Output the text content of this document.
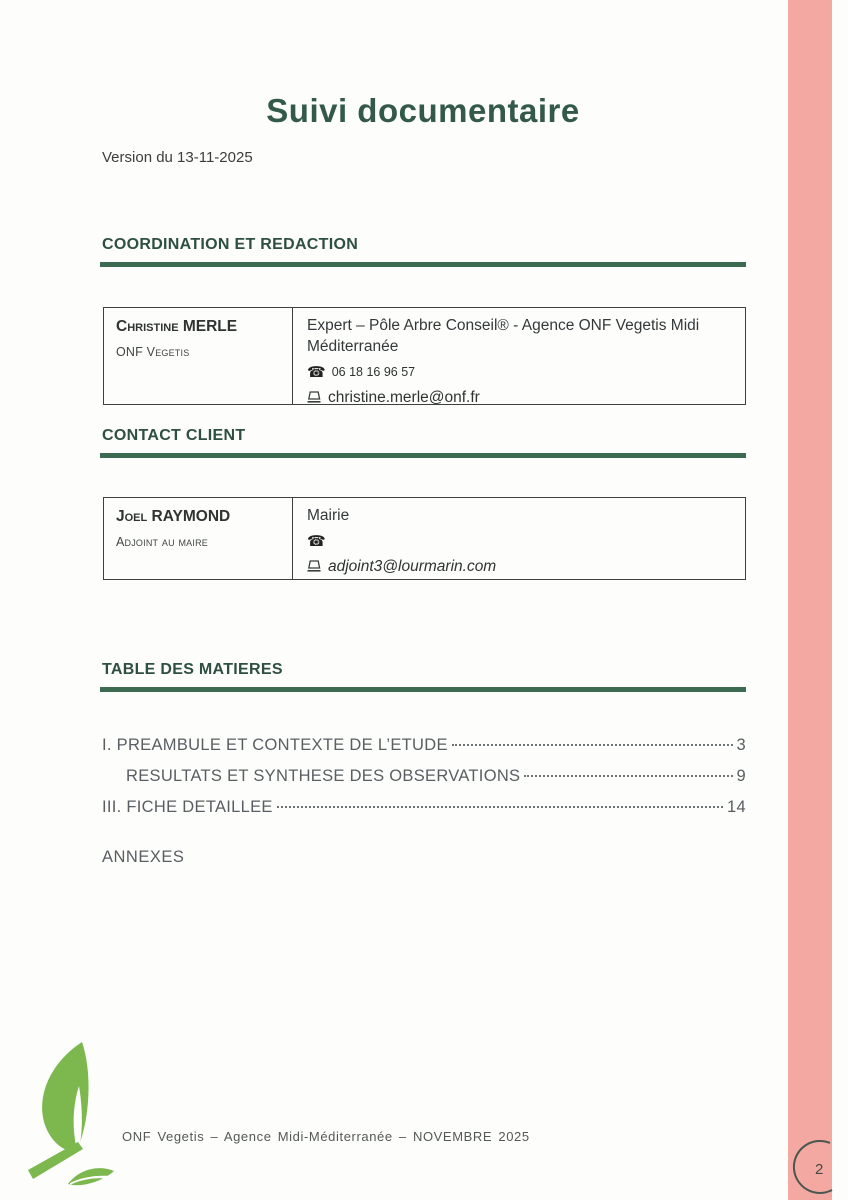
Suivi documentaire
Version du 13-11-2025
COORDINATION ET REDACTION
Christine MERLE
ONF Vegetis
Expert – Pôle Arbre Conseil® - Agence ONF Vegetis Midi Méditerranée
☎ 06 18 16 96 57
christine.merle@onf.fr
CONTACT CLIENT
Joel RAYMOND
Adjoint au maire
Mairie
☎
adjoint3@lourmarin.com
TABLE DES MATIERES
I. PREAMBULE ET CONTEXTE DE L’ETUDE	3
RESULTATS ET SYNTHESE DES OBSERVATIONS	9
III. FICHE DETAILLEE	14
ANNEXES
ONF Vegetis – Agence Midi-Méditerranée – NOVEMBRE 2025
2
